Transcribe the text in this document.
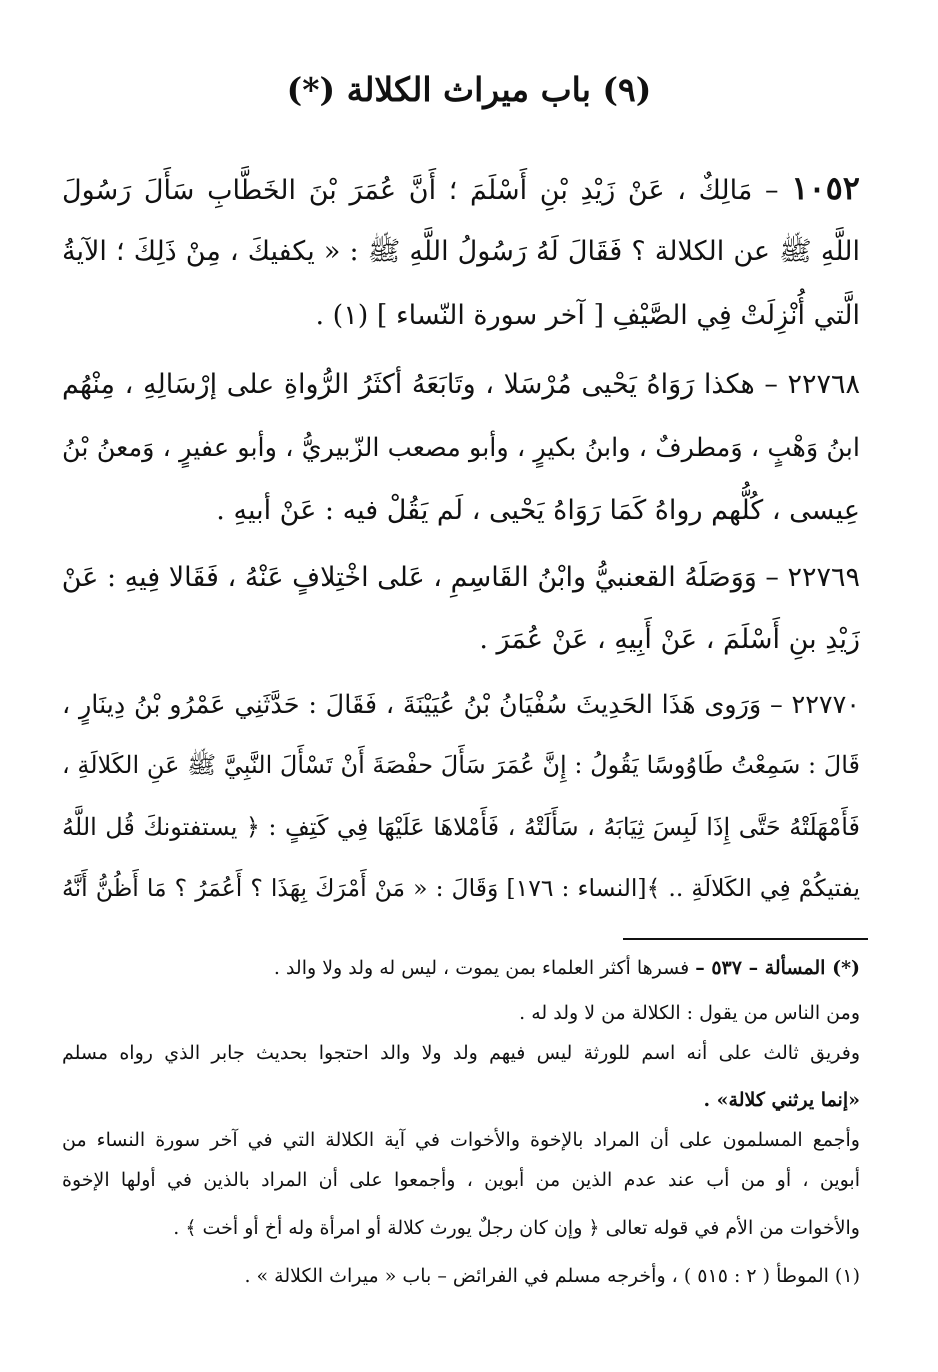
(٩) باب ميراث الكلالة (*)
١٠٥٢ – مَالِكٌ ، عَنْ زَيْدِ بْنِ أَسْلَمَ ؛ أَنَّ عُمَرَ بْنَ الخَطَّابِ سَأَلَ رَسُولَ
اللَّهِ ﷺ عن الكلالة ؟ فَقَالَ لَهُ رَسُولُ اللَّهِ ﷺ : « يكفيكَ ، مِنْ ذَلِكَ ؛ الآيةُ
الَّتي أُنْزِلَتْ فِي الصَّيْفِ [ آخر سورة النّساء ] (١) .
٢٢٧٦٨ – هكذا رَوَاهُ يَحْيى مُرْسَلا ، وتَابَعَهُ أكثَرُ الرُّواةِ على إرْسَالِهِ ، مِنْهُم
ابنُ وَهْبٍ ، وَمطرفٌ ، وابنُ بكيرٍ ، وأبو مصعب الزّبيريُّ ، وأبو عفيرٍ ، وَمعنُ بْنُ
عِيسى ، كُلُّهم رواهُ كَمَا رَوَاهُ يَحْيى ، لَم يَقُلْ فيه : عَنْ أبيهِ .
٢٢٧٦٩ – وَوَصَلَهُ القعنبيُّ وابْنُ القَاسِمِ ، عَلى اخْتِلافٍ عَنْهُ ، فَقَالا فِيهِ : عَنْ
زَيْدِ بنِ أَسْلَمَ ، عَنْ أَبِيهِ ، عَنْ عُمَرَ .
٢٢٧٧٠ – وَرَوى هَذَا الحَدِيثَ سُفْيَانُ بْنُ عُيَيْنَةَ ، فَقَالَ : حَدَّثَنِي عَمْرُو بْنُ دِينَارٍ ،
قَالَ : سَمِعْتُ طَاوُوسًا يَقُولُ : إِنَّ عُمَرَ سَأَلَ حفْصَةَ أَنْ تَسْأَلَ النَّبِيَّ ﷺ عَنِ الكَلالَةِ ،
فَأَمْهَلَتْهُ حَتَّى إِذَا لَبِسَ ثِيَابَهُ ، سَأَلَتْهُ ، فَأَمْلاهَا عَلَيْهَا فِي كَتِفٍ : ﴿ يستفتونكَ قُل اللَّهُ
يفتيكُمْ فِي الكَلالَةِ .. ﴾[النساء : ١٧٦] وَقَالَ : « مَنْ أَمْرَكَ بِهَذَا ؟ أَعُمَرُ ؟ مَا أَظُنُّ أَنَّهُ
(*) المسألة – ٥٣٧ – فسرها أكثر العلماء بمن يموت ، ليس له ولد ولا والد .
ومن الناس من يقول : الكلالة من لا ولد له .
وفريق ثالث على أنه اسم للورثة ليس فيهم ولد ولا والد احتجوا بحديث جابر الذي رواه مسلم
«إنما يرثني كلالة» .
وأجمع المسلمون على أن المراد بالإخوة والأخوات في آية الكلالة التي في آخر سورة النساء من
أبوين ، أو من أب عند عدم الذين من أبوين ، وأجمعوا على أن المراد بالذين في أولها الإخوة
والأخوات من الأم في قوله تعالى ﴿ وإن كان رجلٌ يورث كلالة أو امرأة وله أخ أو أخت ﴾ .
(١) الموطأ ( ٢ : ٥١٥ ) ، وأخرجه مسلم في الفرائض – باب « ميراث الكلالة » .
